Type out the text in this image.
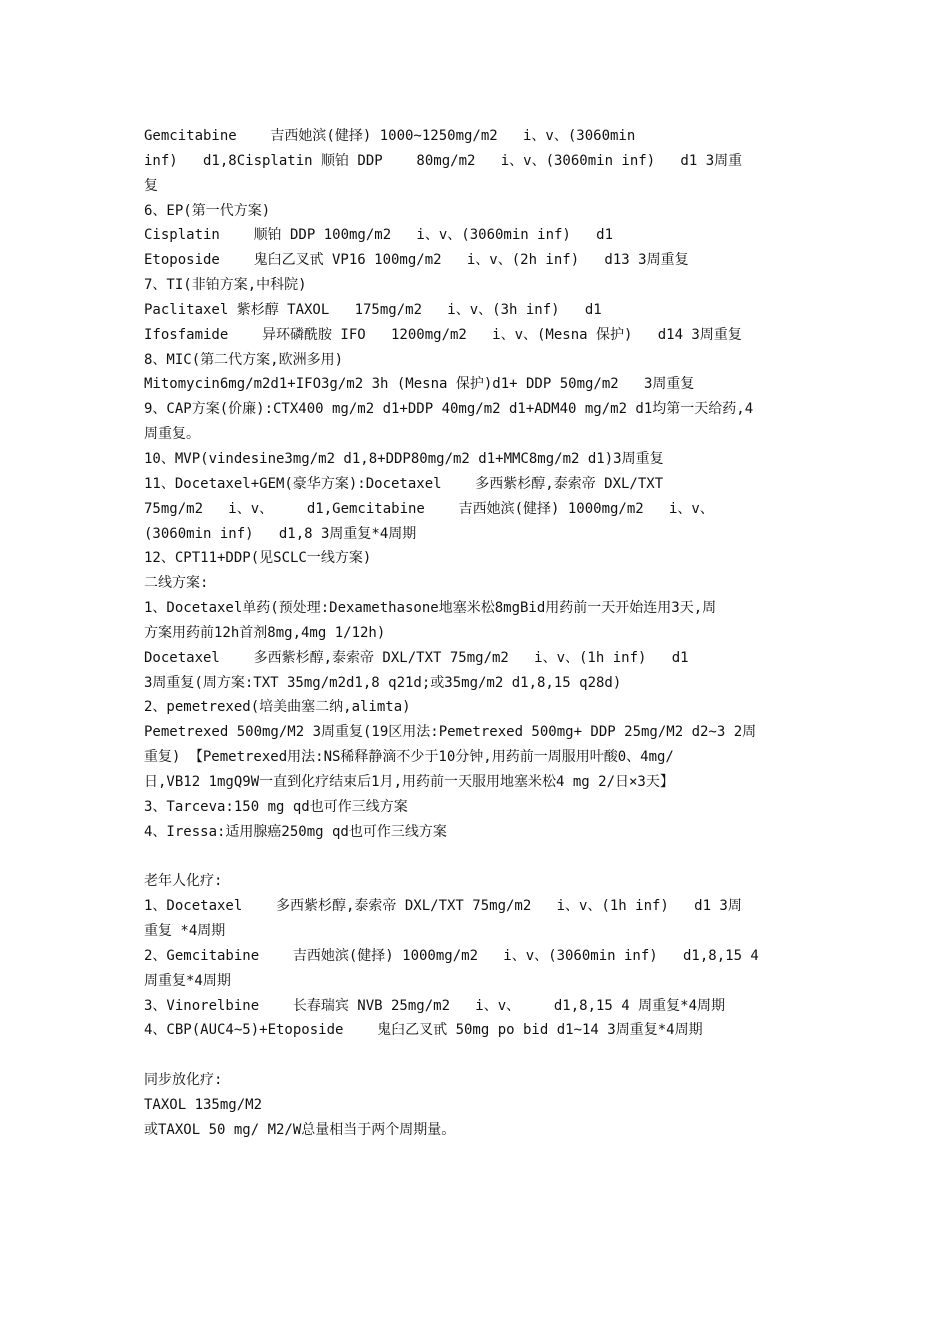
Gemcitabine    吉西她滨(健择) 1000~1250mg/m2   i、v、(3060min
inf)   d1,8Cisplatin 顺铂 DDP    80mg/m2   i、v、(3060min inf)   d1 3周重
复
6、EP(第一代方案)
Cisplatin    顺铂 DDP 100mg/m2   i、v、(3060min inf)   d1
Etoposide    鬼臼乙叉甙 VP16 100mg/m2   i、v、(2h inf)   d13 3周重复
7、TI(非铂方案,中科院)
Paclitaxel 紫杉醇 TAXOL   175mg/m2   i、v、(3h inf)   d1
Ifosfamide    异环磷酰胺 IFO   1200mg/m2   i、v、(Mesna 保护)   d14 3周重复
8、MIC(第二代方案,欧洲多用)
Mitomycin6mg/m2d1+IFO3g/m2 3h (Mesna 保护)d1+ DDP 50mg/m2   3周重复
9、CAP方案(价廉):CTX400 mg/m2 d1+DDP 40mg/m2 d1+ADM40 mg/m2 d1均第一天给药,4
周重复。
10、MVP(vindesine3mg/m2 d1,8+DDP80mg/m2 d1+MMC8mg/m2 d1)3周重复
11、Docetaxel+GEM(豪华方案):Docetaxel    多西紫杉醇,泰索帝 DXL/TXT
75mg/m2   i、v、    d1,Gemcitabine    吉西她滨(健择) 1000mg/m2   i、v、
(3060min inf)   d1,8 3周重复*4周期
12、CPT11+DDP(见SCLC一线方案)
二线方案:
1、Docetaxel单药(预处理:Dexamethasone地塞米松8mgBid用药前一天开始连用3天,周
方案用药前12h首剂8mg,4mg 1/12h)
Docetaxel    多西紫杉醇,泰索帝 DXL/TXT 75mg/m2   i、v、(1h inf)   d1
3周重复(周方案:TXT 35mg/m2d1,8 q21d;或35mg/m2 d1,8,15 q28d)
2、pemetrexed(培美曲塞二纳,alimta)
Pemetrexed 500mg/M2 3周重复(19区用法:Pemetrexed 500mg+ DDP 25mg/M2 d2~3 2周
重复) 【Pemetrexed用法:NS稀释静滴不少于10分钟,用药前一周服用叶酸0、4mg/
日,VB12 1mgQ9W一直到化疗结束后1月,用药前一天服用地塞米松4 mg 2/日×3天】
3、Tarceva:150 mg qd也可作三线方案
4、Iressa:适用腺癌250mg qd也可作三线方案
老年人化疗:
1、Docetaxel    多西紫杉醇,泰索帝 DXL/TXT 75mg/m2   i、v、(1h inf)   d1 3周
重复 *4周期
2、Gemcitabine    吉西她滨(健择) 1000mg/m2   i、v、(3060min inf)   d1,8,15 4
周重复*4周期
3、Vinorelbine    长春瑞宾 NVB 25mg/m2   i、v、    d1,8,15 4 周重复*4周期
4、CBP(AUC4~5)+Etoposide    鬼臼乙叉甙 50mg po bid d1~14 3周重复*4周期
同步放化疗:
TAXOL 135mg/M2
或TAXOL 50 mg/ M2/W总量相当于两个周期量。
